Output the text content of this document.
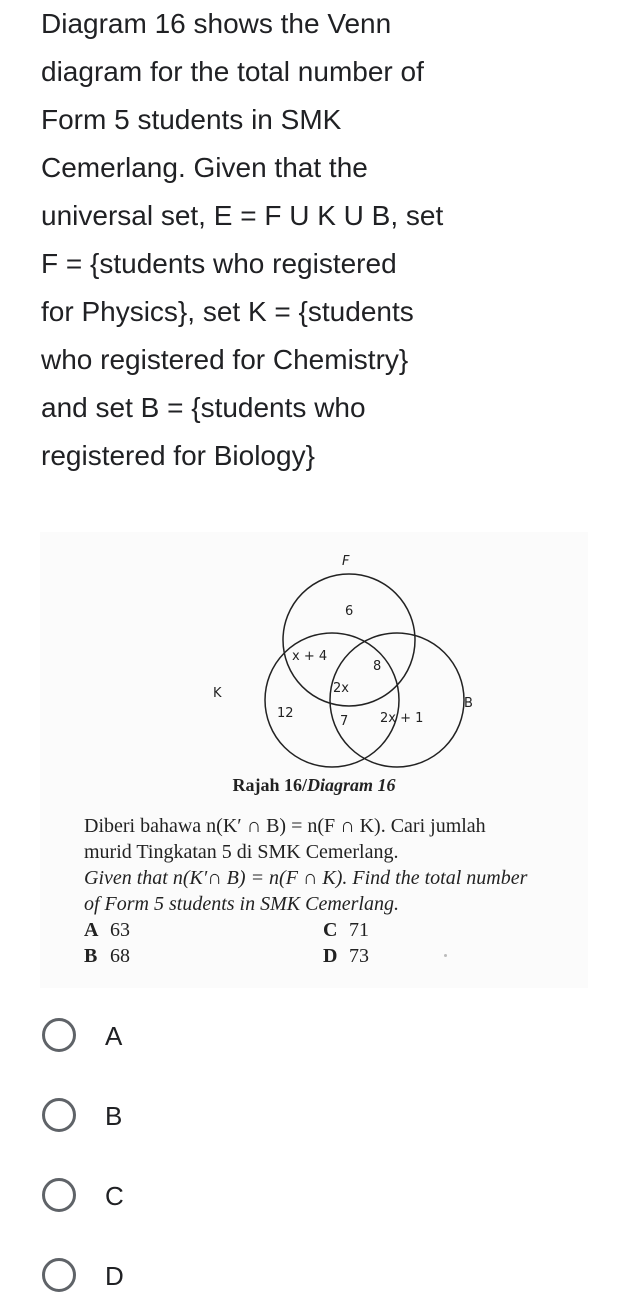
Diagram 16 shows the Venn
diagram for the total number of
Form 5 students in SMK
Cemerlang. Given that the
universal set, E = F U K U B, set
F = {students who registered
for Physics}, set K = {students
who registered for Chemistry}
and set B = {students who
registered for Biology}
F
K
B
6
x + 4
8
2x
12
7 2x + 1
Rajah 16/Diagram 16

Diberi bahawa n(K′ ∩ B) = n(F ∩ K). Cari jumlah

murid Tingkatan 5 di SMK Cemerlang.

Given that n(K′∩ B) = n(F ∩ K). Find the total number

of Form 5 students in SMK Cemerlang.

A 63
B 68
C 71
D 73
A
B
C
D
